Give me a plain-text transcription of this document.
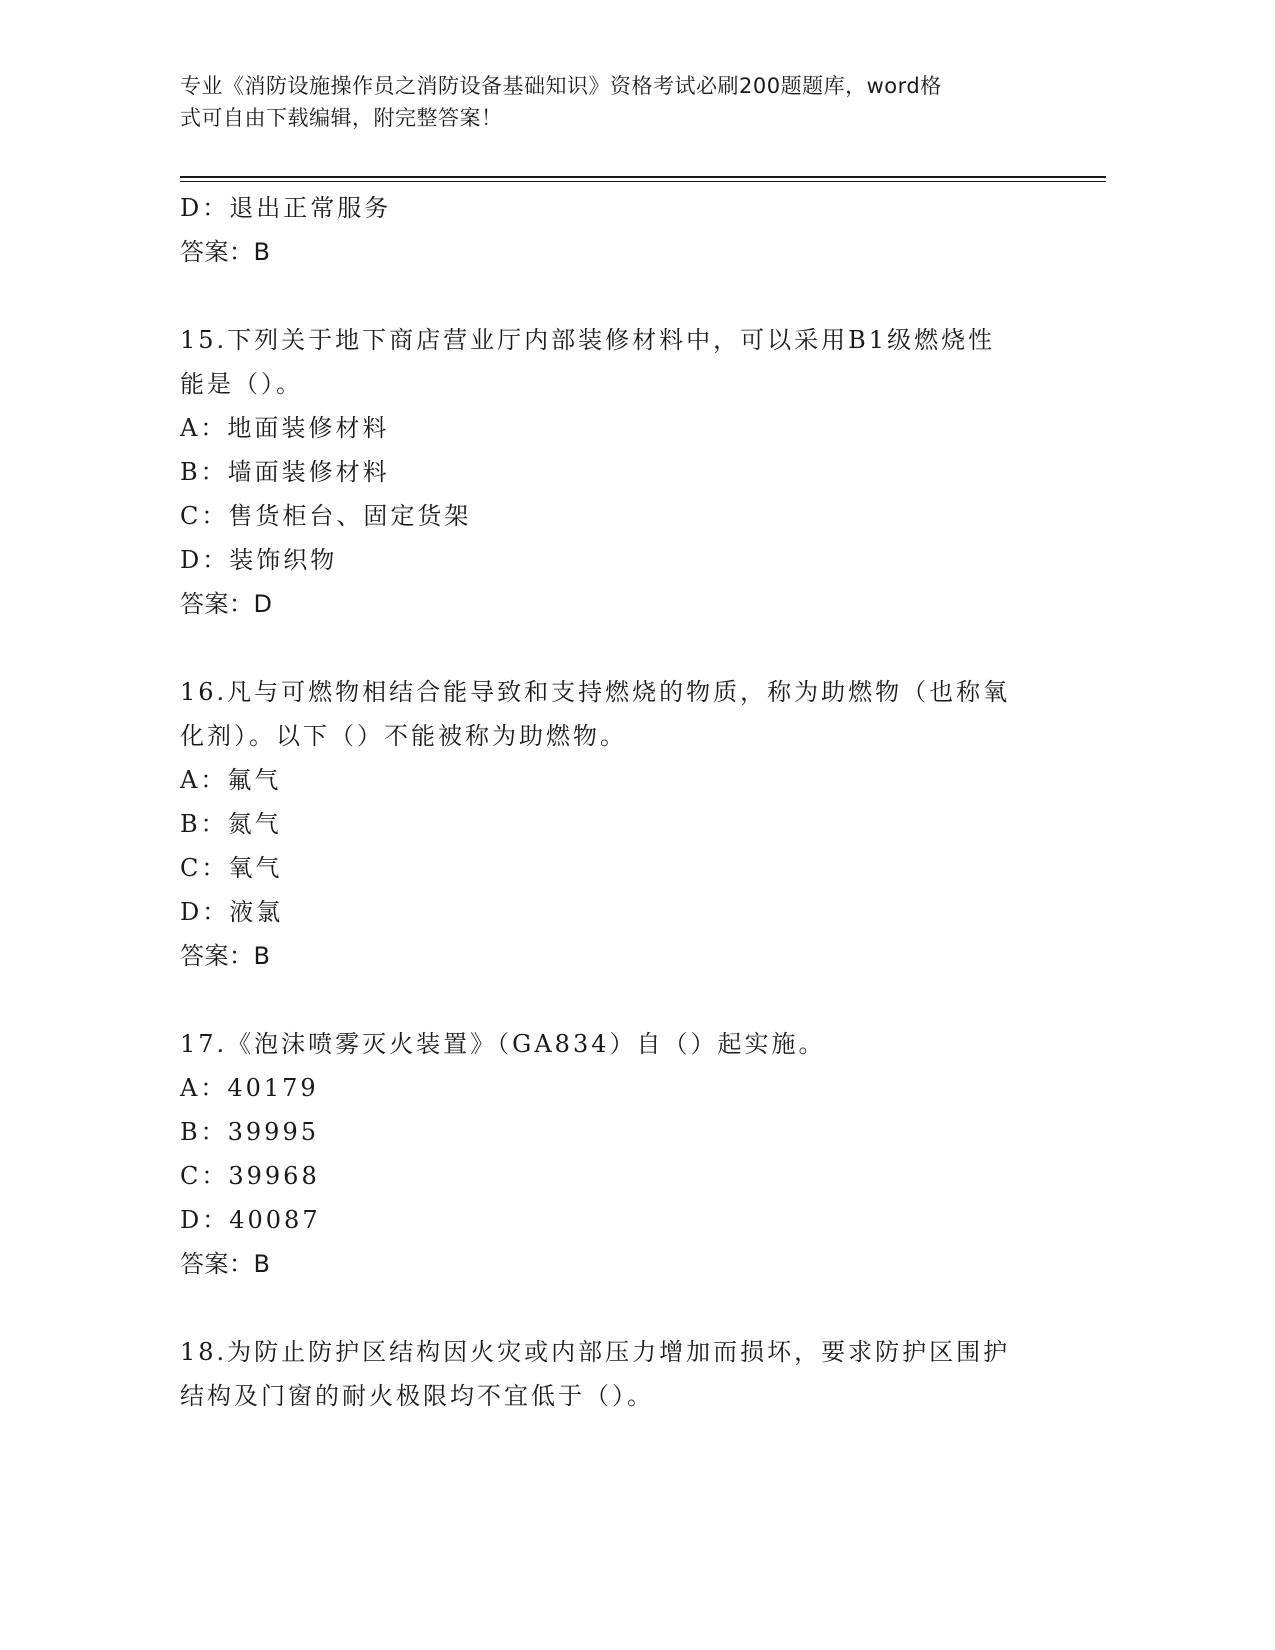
专业《消防设施操作员之消防设备基础知识》资格考试必刷200题题库，word格
式可自由下载编辑，附完整答案！
D：退出正常服务
答案：B
15.下列关于地下商店营业厅内部装修材料中，可以采用B1级燃烧性
能是（）。
A：地面装修材料
B：墙面装修材料
C：售货柜台、固定货架
D：装饰织物
答案：D
16.凡与可燃物相结合能导致和支持燃烧的物质，称为助燃物（也称氧
化剂）。以下（）不能被称为助燃物。
A：氟气
B：氮气
C：氧气
D：液氯
答案：B
17.《泡沫喷雾灭火装置》（GA834）自（）起实施。
A：40179
B：39995
C：39968
D：40087
答案：B
18.为防止防护区结构因火灾或内部压力增加而损坏，要求防护区围护
结构及门窗的耐火极限均不宜低于（）。
